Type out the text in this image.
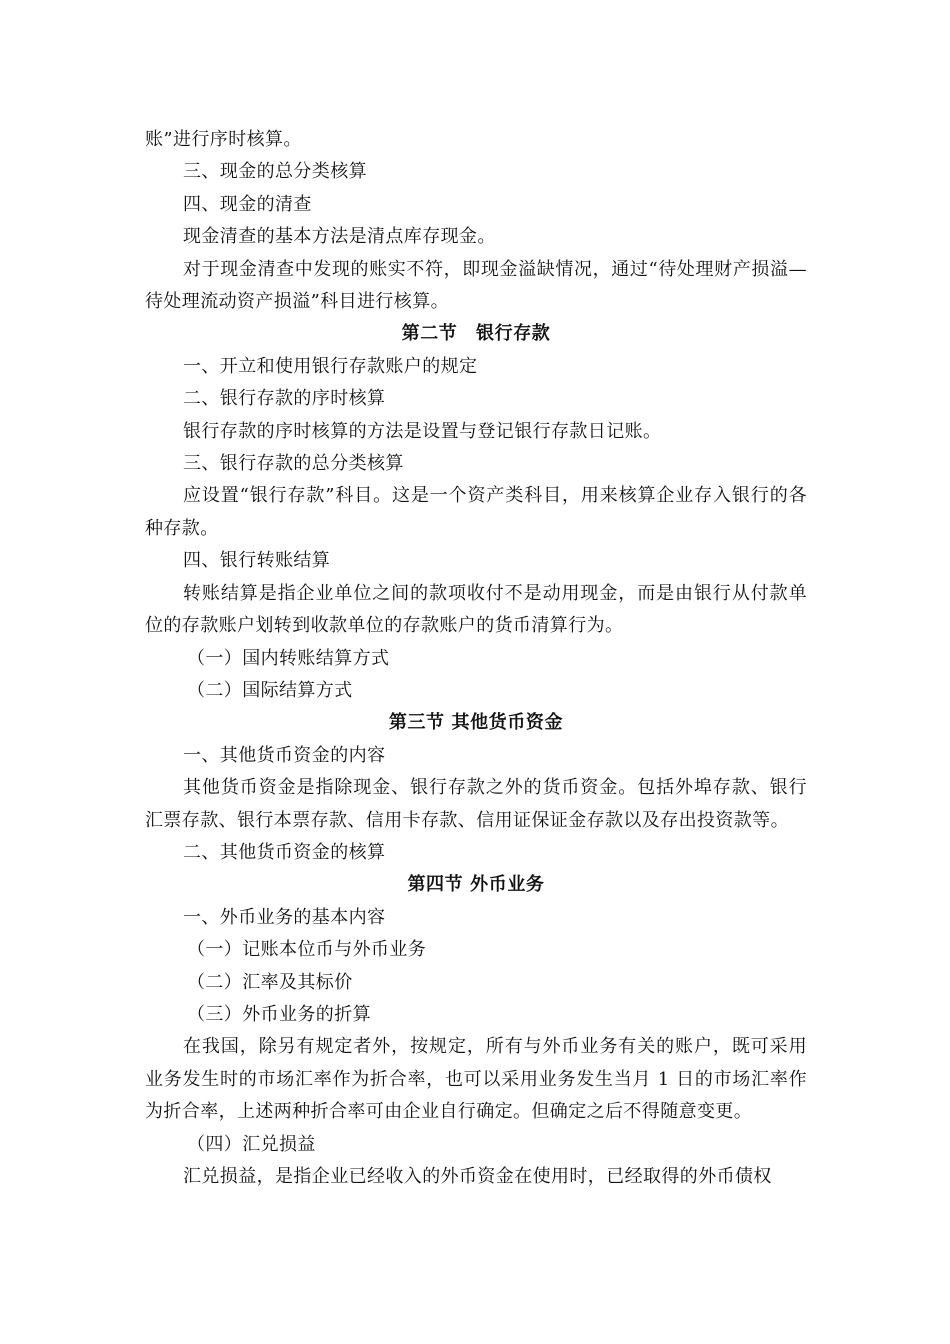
账”进行序时核算。

三、现金的总分类核算

四、现金的清查

现金清查的基本方法是清点库存现金。

对于现金清查中发现的账实不符，即现金溢缺情况，通过“待处理财产损溢—待处理流动资产损溢”科目进行核算。

第二节　银行存款

一、开立和使用银行存款账户的规定

二、银行存款的序时核算

银行存款的序时核算的方法是设置与登记银行存款日记账。

三、银行存款的总分类核算

应设置“银行存款”科目。这是一个资产类科目，用来核算企业存入银行的各种存款。

四、银行转账结算

转账结算是指企业单位之间的款项收付不是动用现金，而是由银行从付款单位的存款账户划转到收款单位的存款账户的货币清算行为。

（一）国内转账结算方式

（二）国际结算方式

第三节 其他货币资金

一、其他货币资金的内容

其他货币资金是指除现金、银行存款之外的货币资金。包括外埠存款、银行汇票存款、银行本票存款、信用卡存款、信用证保证金存款以及存出投资款等。

二、其他货币资金的核算

第四节 外币业务

一、外币业务的基本内容

（一）记账本位币与外币业务

（二）汇率及其标价

（三）外币业务的折算

在我国，除另有规定者外，按规定，所有与外币业务有关的账户，既可采用业务发生时的市场汇率作为折合率，也可以采用业务发生当月 1 日的市场汇率作为折合率，上述两种折合率可由企业自行确定。但确定之后不得随意变更。

（四）汇兑损益

汇兑损益，是指企业已经收入的外币资金在使用时，已经取得的外币债权
